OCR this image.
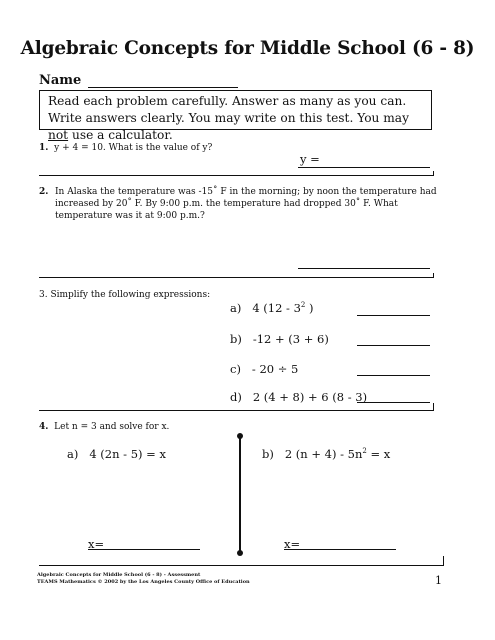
Algebraic Concepts for Middle School (6 - 8)
Name
Read each problem carefully. Answer as many as you can. Write answers clearly. You may write on this test. You may not use a calculator.
1. y + 4 = 10. What is the value of y?
y =
2. In Alaska the temperature was -15˚ F in the morning; by noon the temperature had increased by 20˚ F. By 9:00 p.m. the temperature had dropped 30˚ F. What temperature was it at 9:00 p.m.?
3. Simplify the following expressions:
a) 4 ($12 - 3^2$ )
b) -12 + (3 + 6)
c) - 20 ÷ 5
d) 2 (4 + 8) + 6 (8 - 3)
4. Let n = 3 and solve for x.
a) 4 (2n - 5) = x	b) 2 $(n + 4) - 5n^2 = x$
x=	x=
Algebraic Concepts for Middle School (6 - 8) - Assessment
TEAMS Mathematics © 2002 by the Los Angeles County Office of Education	1
